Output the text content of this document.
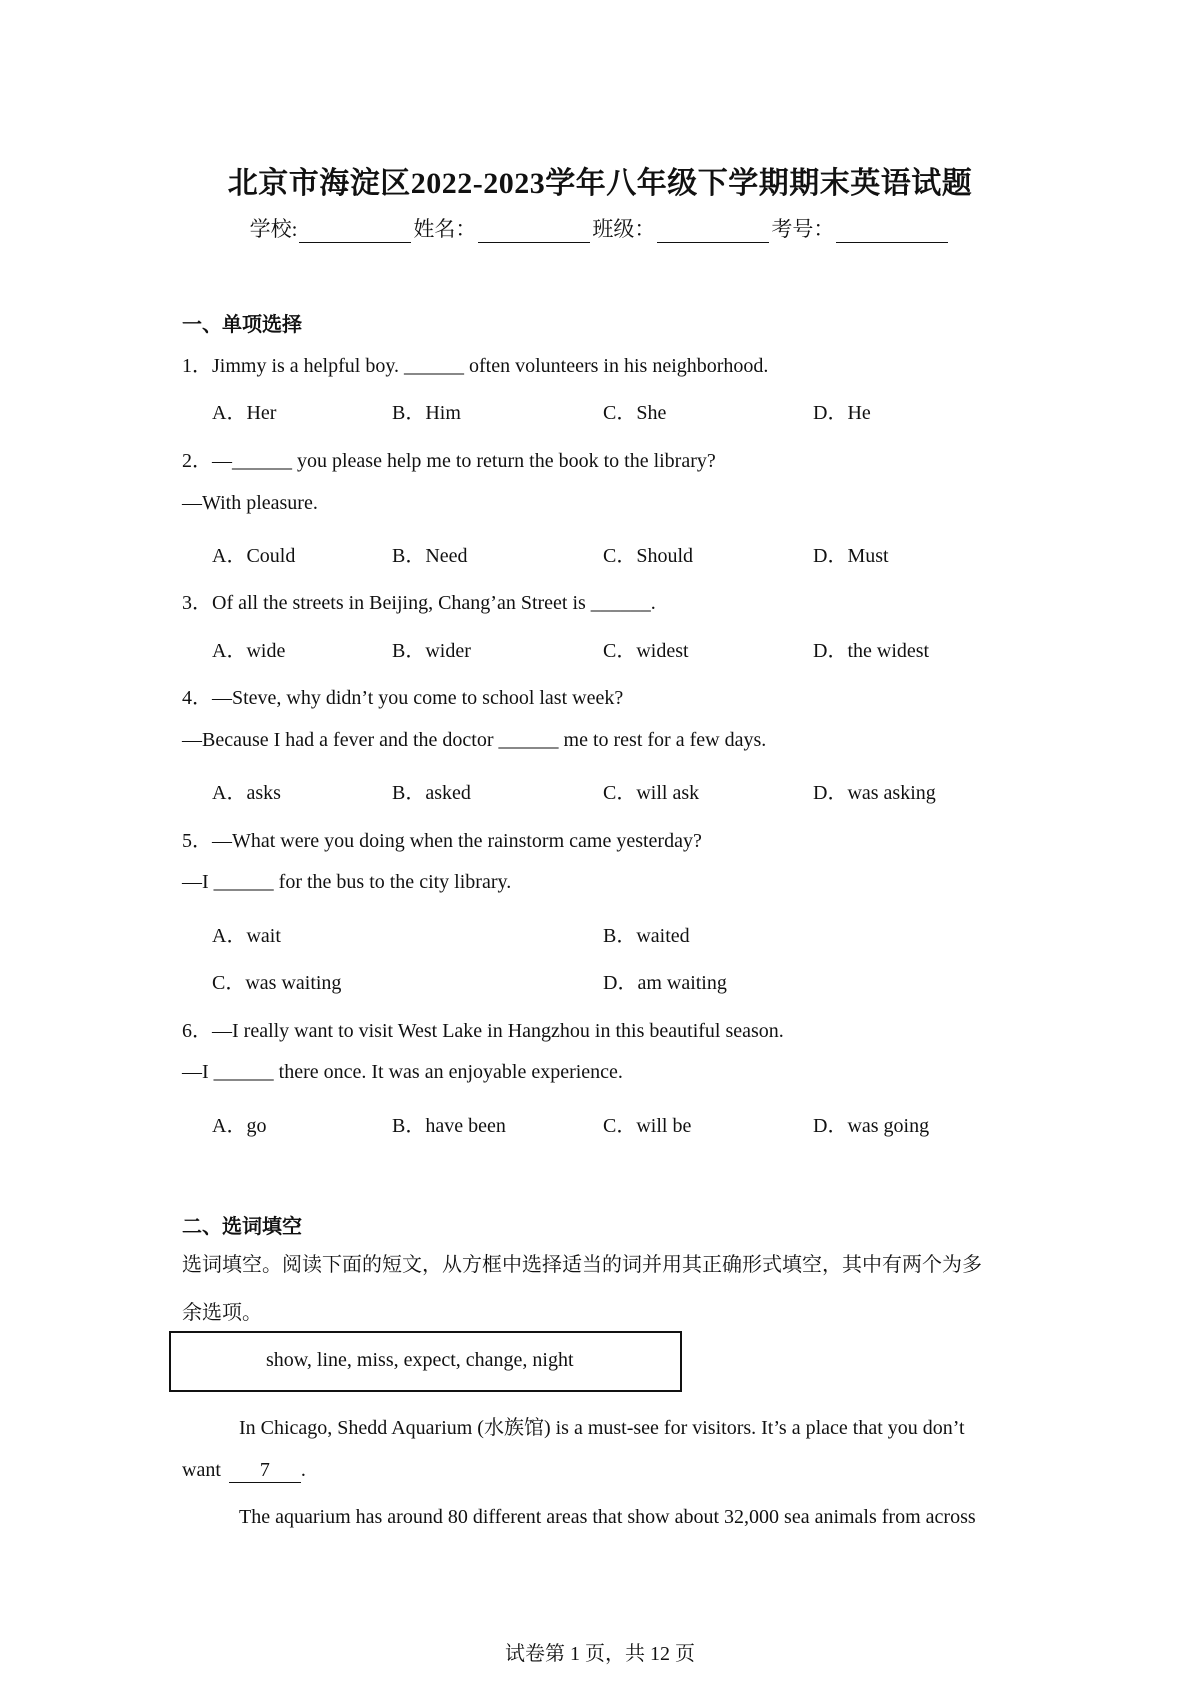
北京市海淀区2022-2023学年八年级下学期期末英语试题
学校:	姓名：	班级：	考号：
一、单项选择
1．Jimmy is a helpful boy. ______ often volunteers in his neighborhood.
A．Her	B．Him	C．She	D．He
2．—______ you please help me to return the book to the library?
—With pleasure.
A．Could	B．Need	C．Should	D．Must
3．Of all the streets in Beijing, Chang’an Street is ______.
A．wide	B．wider	C．widest	D．the widest
4．—Steve, why didn’t you come to school last week?
—Because I had a fever and the doctor ______ me to rest for a few days.
A．asks	B．asked	C．will ask	D．was asking
5．—What were you doing when the rainstorm came yesterday?
—I ______ for the bus to the city library.
A．wait	B．waited
C．was waiting	D．am waiting
6．—I really want to visit West Lake in Hangzhou in this beautiful season.
—I ______ there once. It was an enjoyable experience.
A．go	B．have been	C．will be	D．was going
二、选词填空
选词填空。阅读下面的短文，从方框中选择适当的词并用其正确形式填空，其中有两个为多
余选项。
show, line, miss, expect, change, night
In Chicago, Shedd Aquarium (水族馆) is a must-see for visitors. It’s a place that you don’t
want 7 .
The aquarium has around 80 different areas that show about 32,000 sea animals from across
试卷第 1 页，共 12 页
